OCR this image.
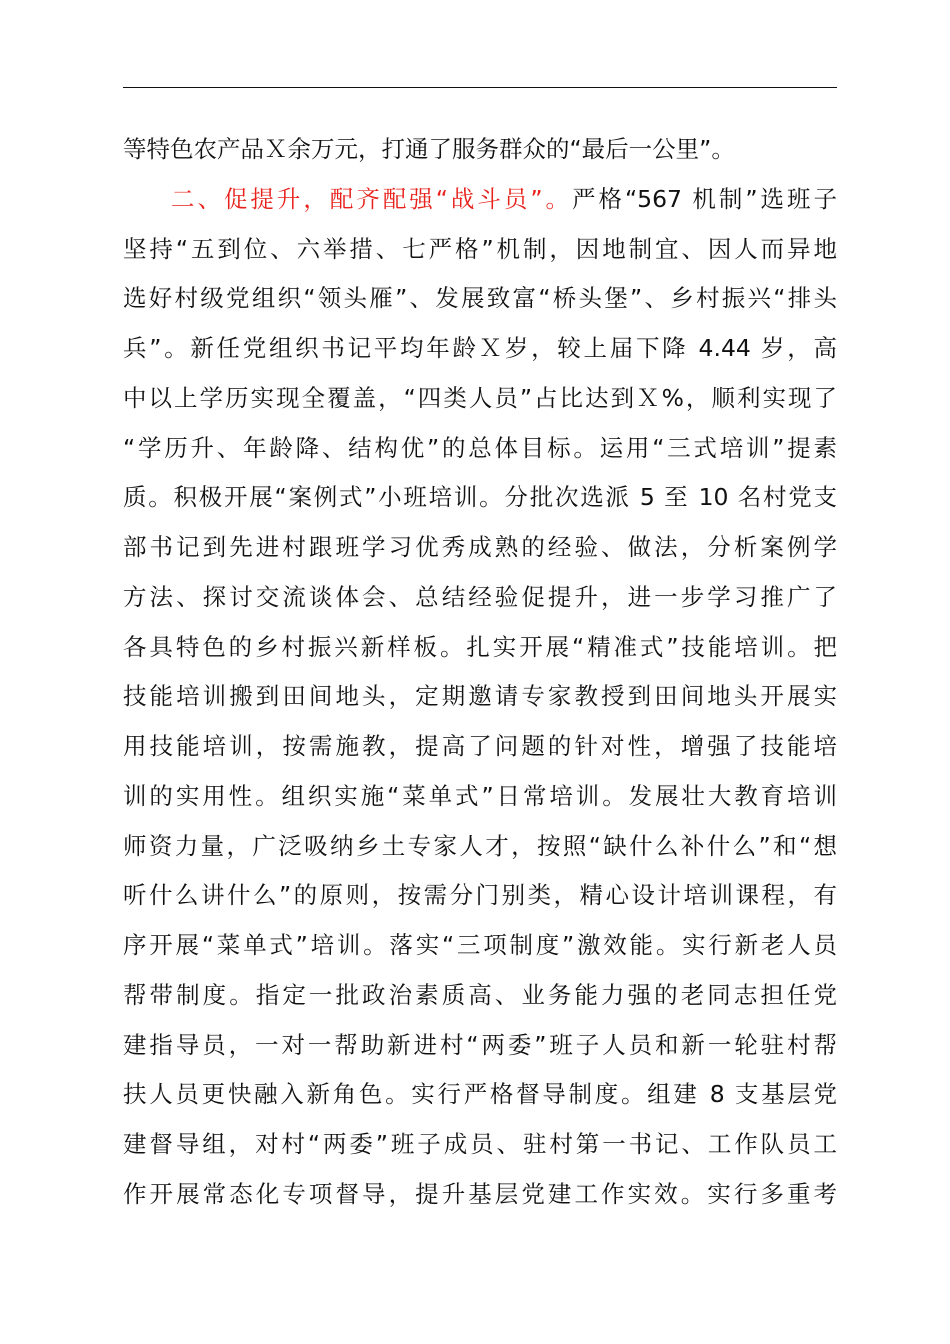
等特色农产品Ｘ余万元，打通了服务群众的“最后一公里”。
二、促提升，配齐配强“战斗员”。严格“567 机制”选班子
坚持“五到位、六举措、七严格”机制，因地制宜、因人而异地
选好村级党组织“领头雁”、发展致富“桥头堡”、乡村振兴“排头
兵”。新任党组织书记平均年龄Ｘ岁，较上届下降 4.44 岁，高
中以上学历实现全覆盖，“四类人员”占比达到Ｘ%，顺利实现了
“学历升、年龄降、结构优”的总体目标。运用“三式培训”提素
质。积极开展“案例式”小班培训。分批次选派 5 至 10 名村党支
部书记到先进村跟班学习优秀成熟的经验、做法，分析案例学
方法、探讨交流谈体会、总结经验促提升，进一步学习推广了
各具特色的乡村振兴新样板。扎实开展“精准式”技能培训。把
技能培训搬到田间地头，定期邀请专家教授到田间地头开展实
用技能培训，按需施教，提高了问题的针对性，增强了技能培
训的实用性。组织实施“菜单式”日常培训。发展壮大教育培训
师资力量，广泛吸纳乡土专家人才，按照“缺什么补什么”和“想
听什么讲什么”的原则，按需分门别类，精心设计培训课程，有
序开展“菜单式”培训。落实“三项制度”激效能。实行新老人员
帮带制度。指定一批政治素质高、业务能力强的老同志担任党
建指导员，一对一帮助新进村“两委”班子人员和新一轮驻村帮
扶人员更快融入新角色。实行严格督导制度。组建 8 支基层党
建督导组，对村“两委”班子成员、驻村第一书记、工作队员工
作开展常态化专项督导，提升基层党建工作实效。实行多重考
